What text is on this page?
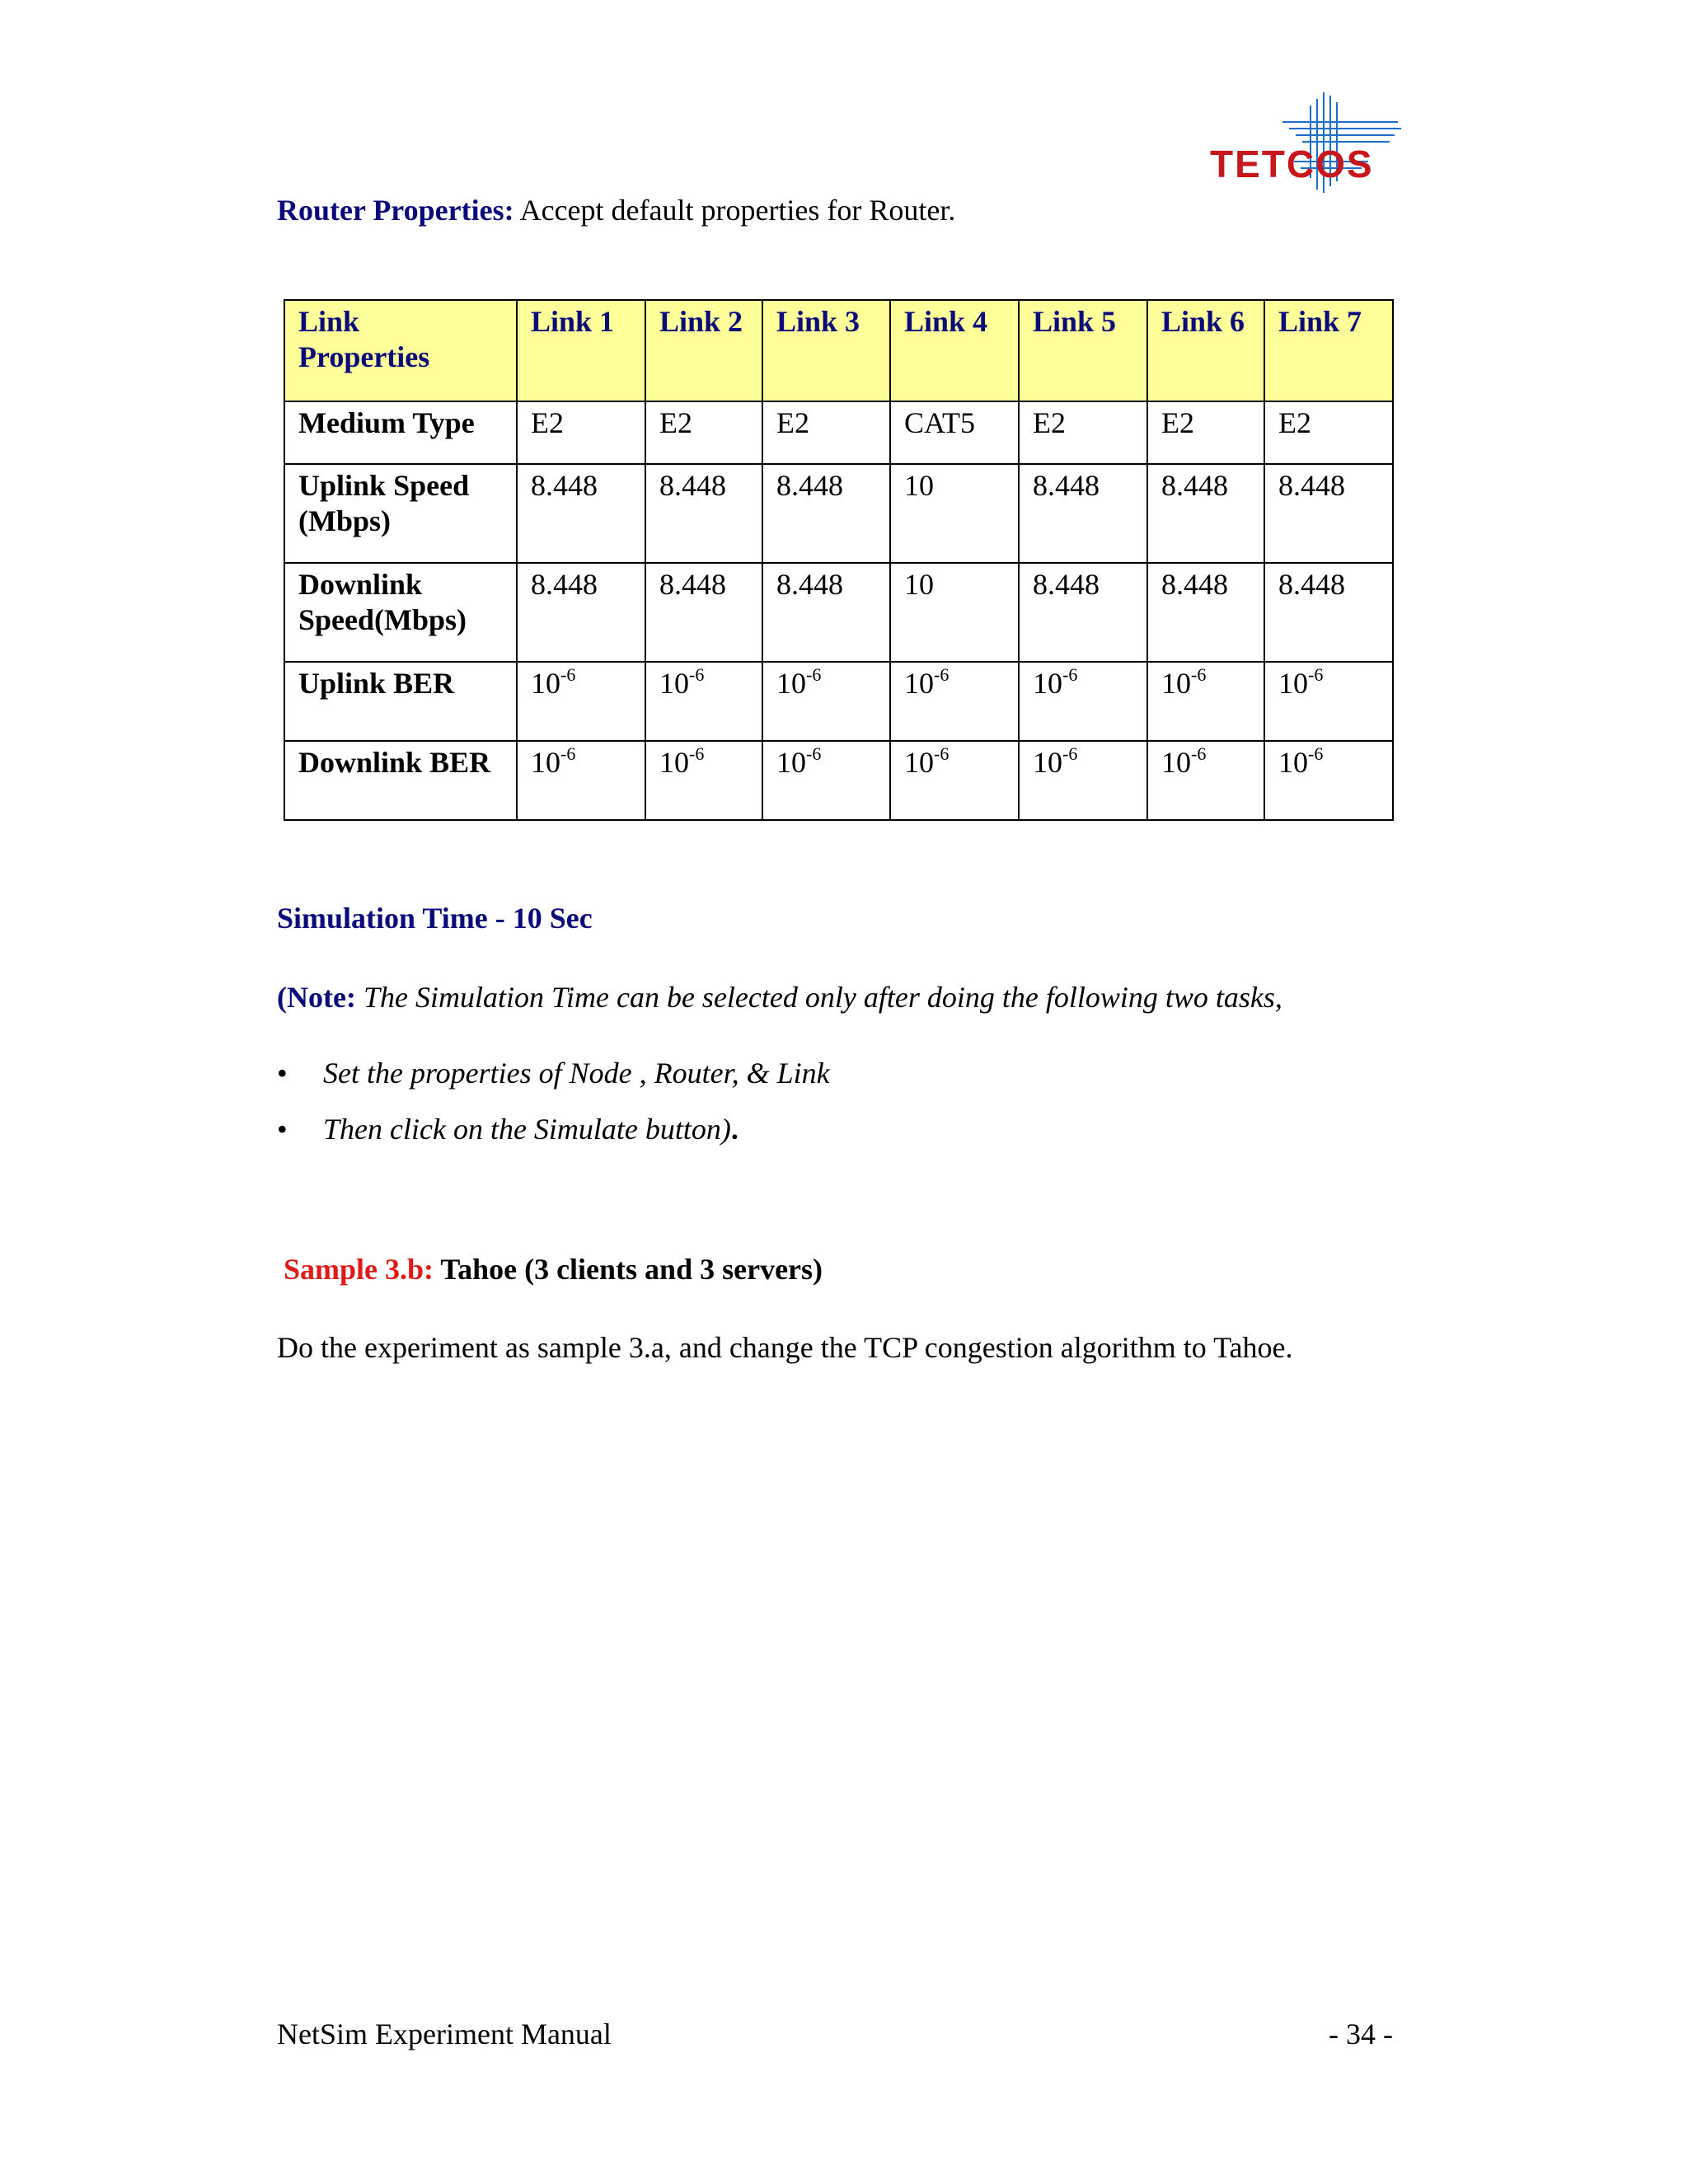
TETCOS

Router Properties: Accept default properties for Router.

Link
Properties	Link 1	Link 2	Link 3	Link 4	Link 5	Link 6	Link 7
Medium Type	E2	E2	E2	CAT5	E2	E2	E2
Uplink Speed (Mbps)	8.448	8.448	8.448	10	8.448	8.448	8.448
Downlink Speed(Mbps)	8.448	8.448	8.448	10	8.448	8.448	8.448
Uplink BER	$10^{-6}$	$10^{-6}$	$10^{-6}$	$10^{-6}$	$10^{-6}$	$10^{-6}$	$10^{-6}$
Downlink BER	$10^{-6}$	$10^{-6}$	$10^{-6}$	$10^{-6}$	$10^{-6}$	$10^{-6}$	$10^{-6}$

Simulation Time - 10 Sec

(Note: The Simulation Time can be selected only after doing the following two tasks,

• Set the properties of Node , Router, & Link
• Then click on the Simulate button).

Sample 3.b: Tahoe (3 clients and 3 servers)

Do the experiment as sample 3.a, and change the TCP congestion algorithm to Tahoe.

NetSim Experiment Manual	- 34 -
